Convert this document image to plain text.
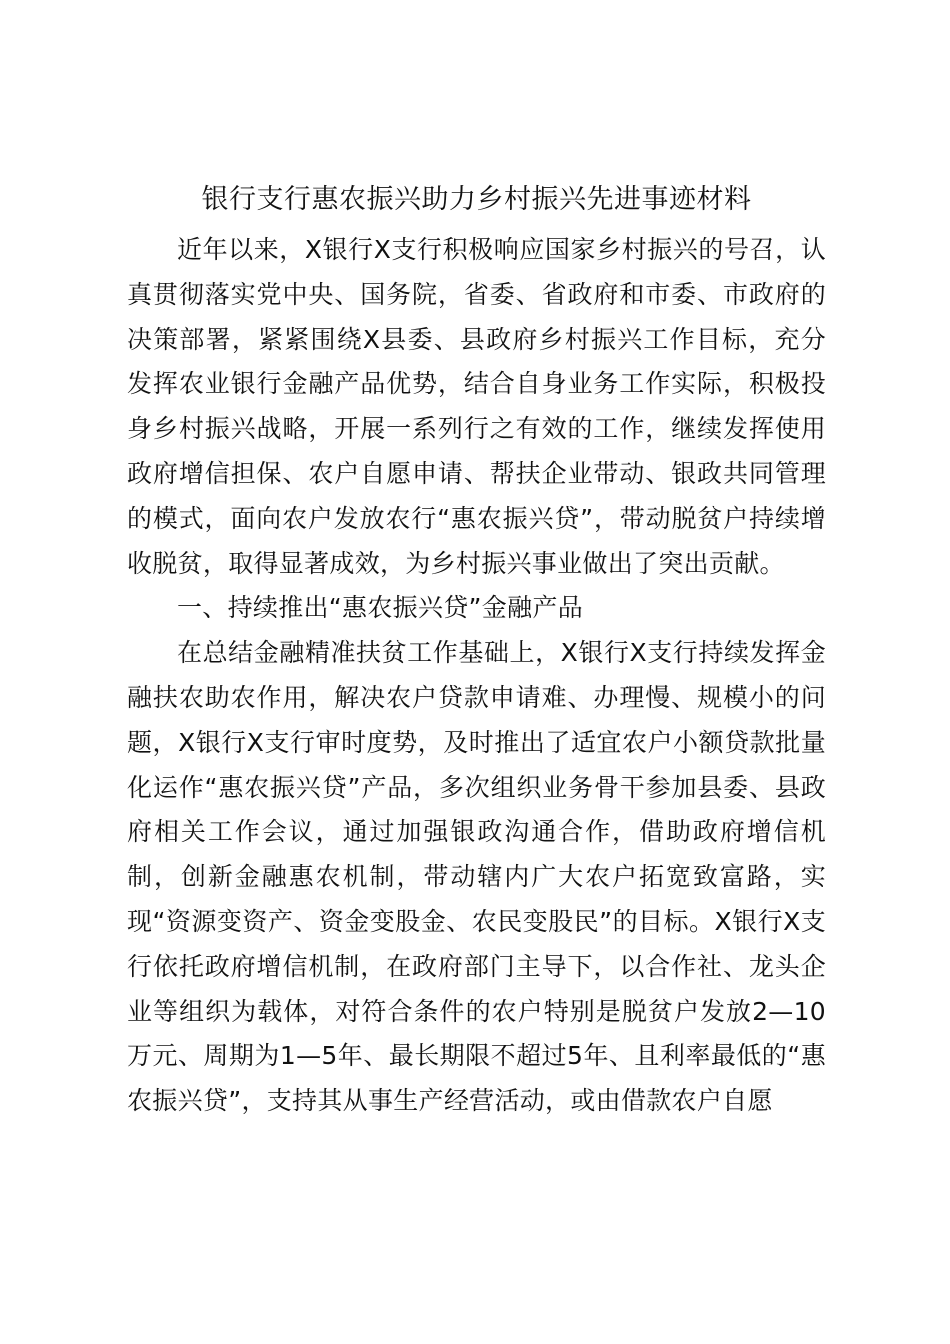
银行支行惠农振兴助力乡村振兴先进事迹材料

近年以来，X银行X支行积极响应国家乡村振兴的号召，认真贯彻落实党中央、国务院，省委、省政府和市委、市政府的决策部署，紧紧围绕X县委、县政府乡村振兴工作目标，充分发挥农业银行金融产品优势，结合自身业务工作实际，积极投身乡村振兴战略，开展一系列行之有效的工作，继续发挥使用政府增信担保、农户自愿申请、帮扶企业带动、银政共同管理的模式，面向农户发放农行“惠农振兴贷”，带动脱贫户持续增收脱贫，取得显著成效，为乡村振兴事业做出了突出贡献。

一、持续推出“惠农振兴贷”金融产品

在总结金融精准扶贫工作基础上，X银行X支行持续发挥金融扶农助农作用，解决农户贷款申请难、办理慢、规模小的问题，X银行X支行审时度势，及时推出了适宜农户小额贷款批量化运作“惠农振兴贷”产品，多次组织业务骨干参加县委、县政府相关工作会议，通过加强银政沟通合作，借助政府增信机制，创新金融惠农机制，带动辖内广大农户拓宽致富路，实现“资源变资产、资金变股金、农民变股民”的目标。X银行X支行依托政府增信机制，在政府部门主导下，以合作社、龙头企业等组织为载体，对符合条件的农户特别是脱贫户发放2—10万元、周期为1—5年、最长期限不超过5年、且利率最低的“惠农振兴贷”，支持其从事生产经营活动，或由借款农户自愿
